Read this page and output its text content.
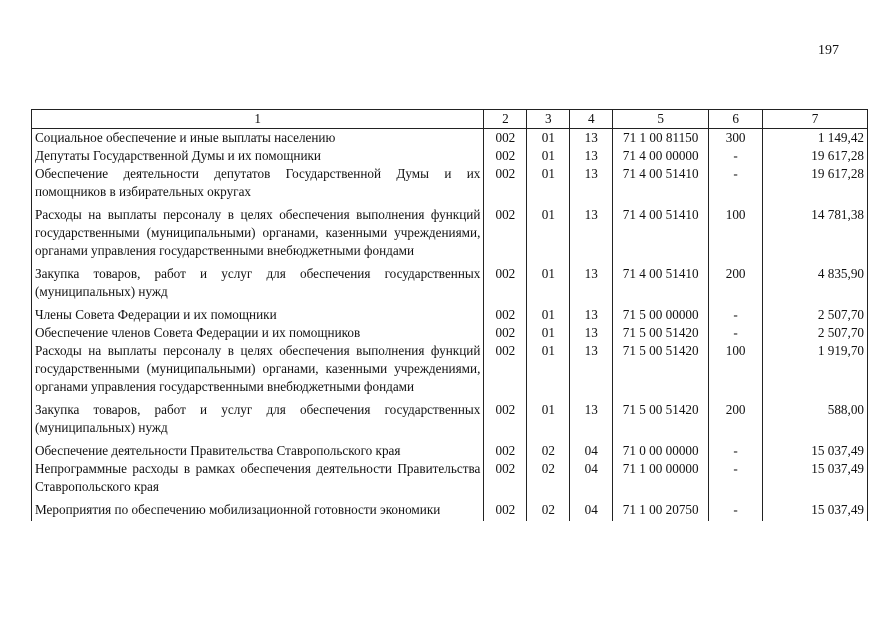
197
1	2	3	4	5	6	7
Социальное обеспечение и иные выплаты населению	002	01	13	71 1 00 81150	300	1 149,42
Депутаты Государственной Думы и их помощники	002	01	13	71 4 00 00000	-	19 617,28
Обеспечение деятельности депутатов Государственной Думы и их помощников в избирательных округах	002	01	13	71 4 00 51410	-	19 617,28
Расходы на выплаты персоналу в целях обеспечения выполнения функций государственными (муниципальными) органами, казенными учреждениями, органами управления государственными внебюджетными фондами	002	01	13	71 4 00 51410	100	14 781,38
Закупка товаров, работ и услуг для обеспечения государственных (муниципальных) нужд	002	01	13	71 4 00 51410	200	4 835,90
Члены Совета Федерации и их помощники	002	01	13	71 5 00 00000	-	2 507,70
Обеспечение членов Совета Федерации и их помощников	002	01	13	71 5 00 51420	-	2 507,70
Расходы на выплаты персоналу в целях обеспечения выполнения функций государственными (муниципальными) органами, казенными учреждениями, органами управления государственными внебюджетными фондами	002	01	13	71 5 00 51420	100	1 919,70
Закупка товаров, работ и услуг для обеспечения государственных (муниципальных) нужд	002	01	13	71 5 00 51420	200	588,00
Обеспечение деятельности Правительства Ставропольского края	002	02	04	71 0 00 00000	-	15 037,49
Непрограммные расходы в рамках обеспечения деятельности Правительства Ставропольского края	002	02	04	71 1 00 00000	-	15 037,49
Мероприятия по обеспечению мобилизационной готовности экономики	002	02	04	71 1 00 20750	-	15 037,49
